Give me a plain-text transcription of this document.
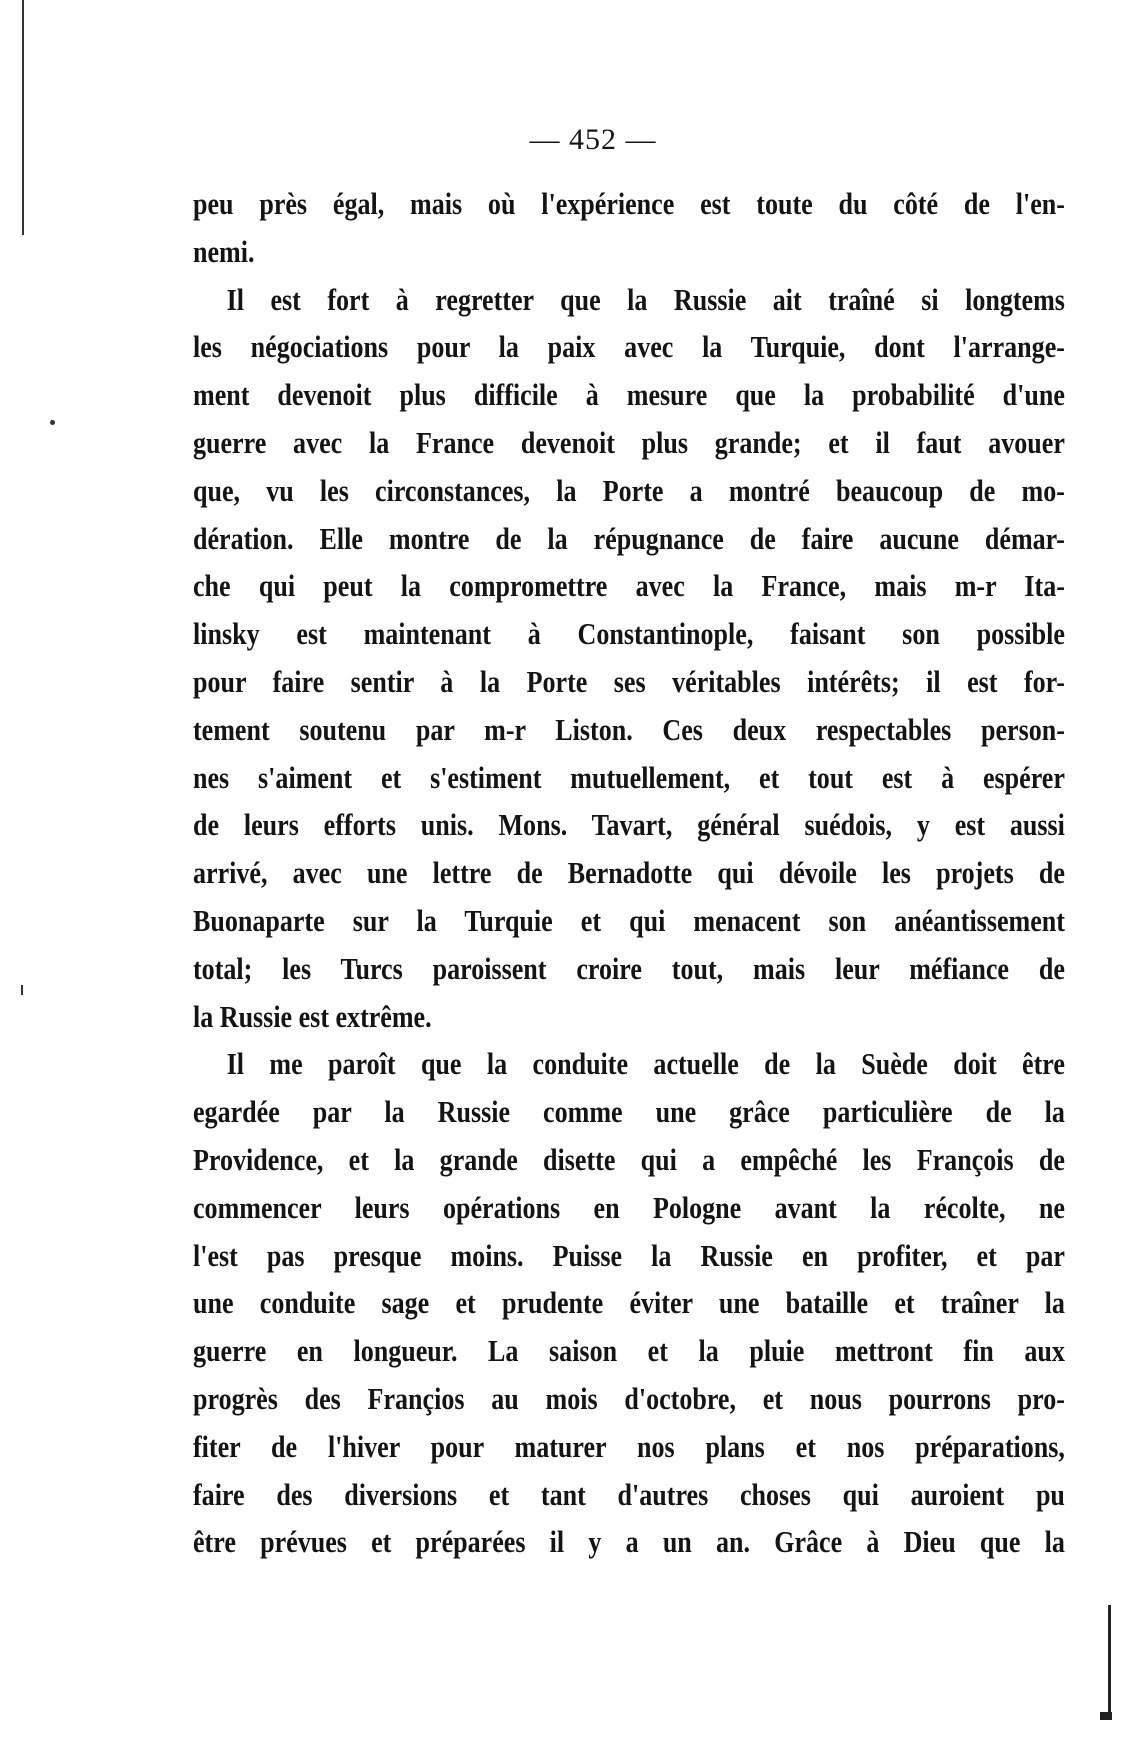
— 452 —
peu près égal, mais où l'expérience est toute du côté de l'en-
nemi.
Il est fort à regretter que la Russie ait traîné si longtems
les négociations pour la paix avec la Turquie, dont l'arrange-
ment devenoit plus difficile à mesure que la probabilité d'une
guerre avec la France devenoit plus grande; et il faut avouer
que, vu les circonstances, la Porte a montré beaucoup de mo-
dération. Elle montre de la répugnance de faire aucune démar-
che qui peut la compromettre avec la France, mais m-r Ita-
linsky est maintenant à Constantinople, faisant son possible
pour faire sentir à la Porte ses véritables intérêts; il est for-
tement soutenu par m-r Liston. Ces deux respectables person-
nes s'aiment et s'estiment mutuellement, et tout est à espérer
de leurs efforts unis. Mons. Tavart, général suédois, y est aussi
arrivé, avec une lettre de Bernadotte qui dévoile les projets de
Buonaparte sur la Turquie et qui menacent son anéantissement
total; les Turcs paroissent croire tout, mais leur méfiance de
la Russie est extrême.
Il me paroît que la conduite actuelle de la Suède doit être
egardée par la Russie comme une grâce particulière de la
Providence, et la grande disette qui a empêché les François de
commencer leurs opérations en Pologne avant la récolte, ne
l'est pas presque moins. Puisse la Russie en profiter, et par
une conduite sage et prudente éviter une bataille et traîner la
guerre en longueur. La saison et la pluie mettront fin aux
progrès des Françios au mois d'octobre, et nous pourrons pro-
fiter de l'hiver pour maturer nos plans et nos préparations,
faire des diversions et tant d'autres choses qui auroient pu
être prévues et préparées il y a un an. Grâce à Dieu que la
